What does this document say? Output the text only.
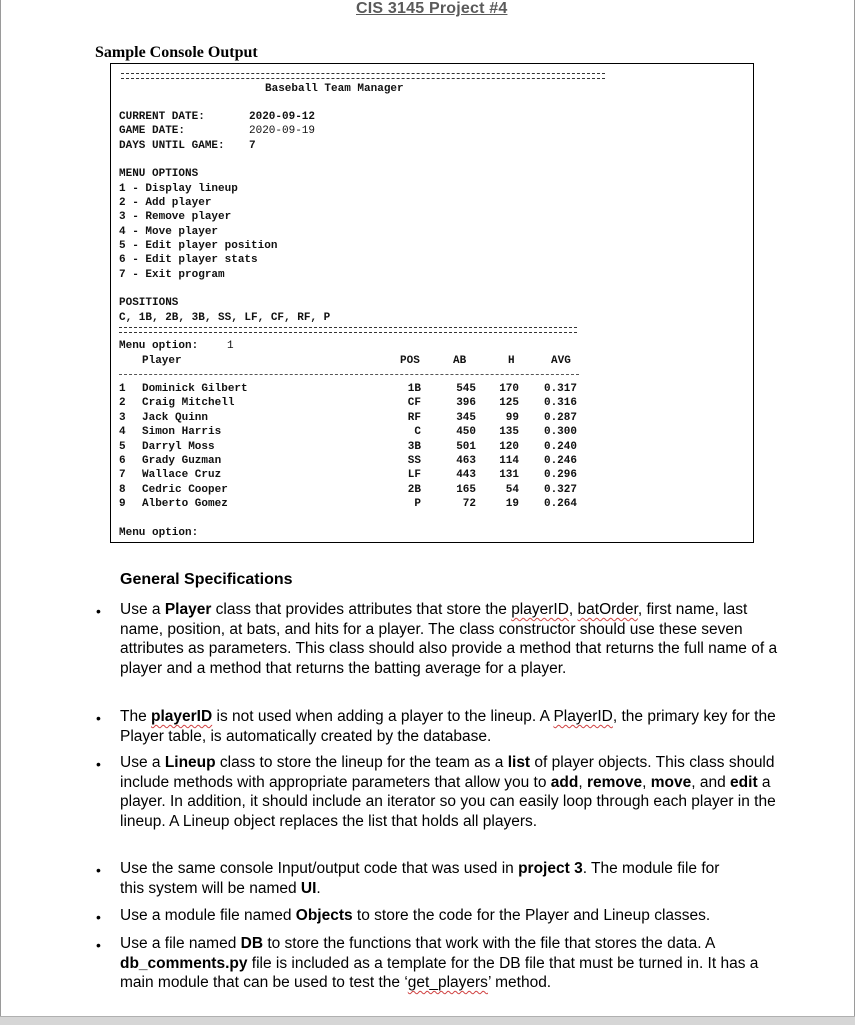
CIS 3145 Project #4
Sample Console Output
Baseball Team Manager
CURRENT DATE:	2020-09-12
GAME DATE:	2020-09-19
DAYS UNTIL GAME: 7
MENU OPTIONS
1 - Display lineup
2 - Add player
3 - Remove player
4 - Move player
5 - Edit player position
6 - Edit player stats
7 - Exit program
POSITIONS
C, 1B, 2B, 3B, SS, LF, CF, RF, P
Menu option:	1
Player	POS	AB	H	AVG
1	Dominick Gilbert	1B	545	170	0.317
2	Craig Mitchell	CF	396	125	0.316
3	Jack Quinn	RF	345	99	0.287
4	Simon Harris	C	450	135	0.300
5	Darryl Moss	3B	501	120	0.240
6	Grady Guzman	SS	463	114	0.246
7	Wallace Cruz	LF	443	131	0.296
8	Cedric Cooper	2B	165	54	0.327
9	Alberto Gomez	P	72	19	0.264
Menu option:
General Specifications
• Use a Player class that provides attributes that store the playerID, batOrder, first name, last name, position, at bats, and hits for a player. The class constructor should use these seven attributes as parameters. This class should also provide a method that returns the full name of a player and a method that returns the batting average for a player.
• The playerID is not used when adding a player to the lineup. A PlayerID, the primary key for the Player table, is automatically created by the database.
• Use a Lineup class to store the lineup for the team as a list of player objects. This class should include methods with appropriate parameters that allow you to add, remove, move, and edit a player. In addition, it should include an iterator so you can easily loop through each player in the lineup. A Lineup object replaces the list that holds all players.
• Use the same console Input/output code that was used in project 3. The module file for this system will be named UI.
• Use a module file named Objects to store the code for the Player and Lineup classes.
• Use a file named DB to store the functions that work with the file that stores the data. A db_comments.py file is included as a template for the DB file that must be turned in. It has a main module that can be used to test the ‘get_players’ method.
